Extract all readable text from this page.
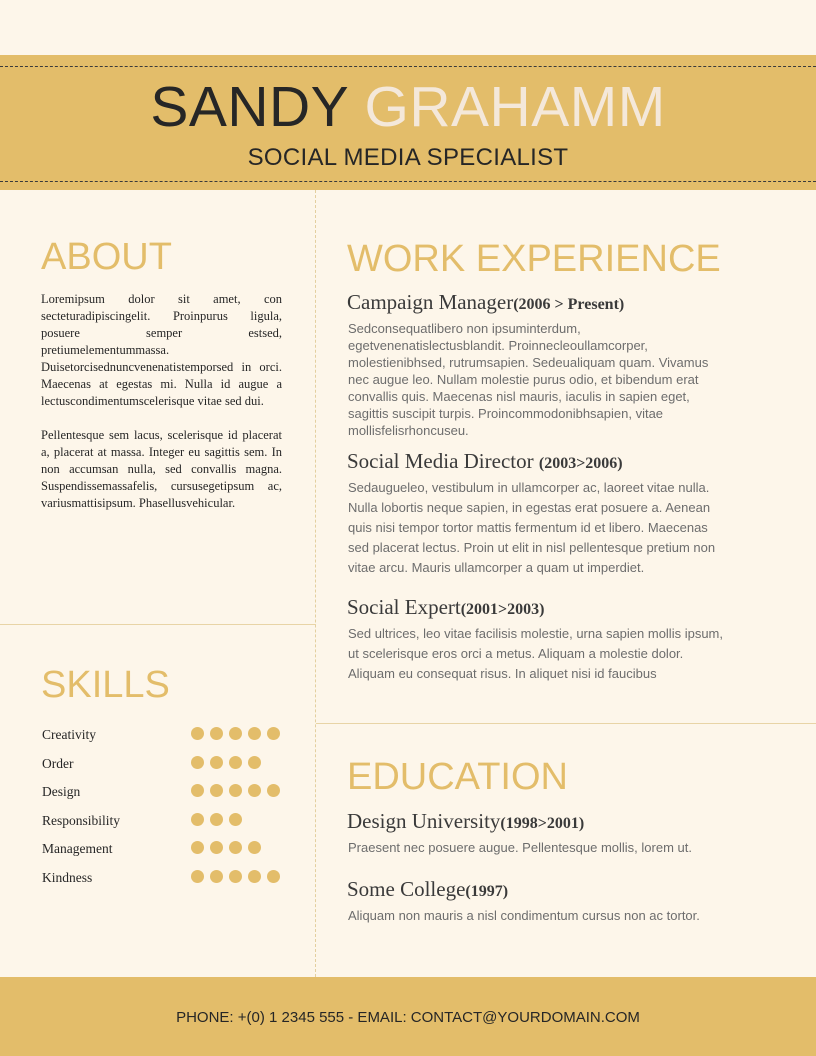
SANDY GRAHAMM
SOCIAL MEDIA SPECIALIST
ABOUT

Loremipsum dolor sit amet, con secteturadipiscingelit. Proinpurus ligula, posuere semper estsed, pretiumelementummassa. Duisetorcisednuncvenenatistemporsed in orci. Maecenas at egestas mi. Nulla id augue a lectuscondimentumscelerisque vitae sed dui.

Pellentesque sem lacus, scelerisque id placerat a, placerat at massa. Integer eu sagittis sem. In non accumsan nulla, sed convallis magna. Suspendissemassafelis, cursusegetipsum ac, variusmattisipsum. Phasellusvehicular.

SKILLS
Creativity
Order
Design
Responsibility
Management
Kindness
WORK EXPERIENCE
Campaign Manager(2006 > Present)
Sedconsequatlibero non ipsuminterdum,
egetvenenatislectusblandit. Proinnecleoullamcorper,
molestienibhsed, rutrumsapien. Sedeualiquam quam. Vivamus
nec augue leo. Nullam molestie purus odio, et bibendum erat
convallis quis. Maecenas nisl mauris, iaculis in sapien eget,
sagittis suscipit turpis. Proincommodonibhsapien, vitae
mollisfelisrhoncuseu.
Social Media Director (2003>2006)
Sedaugueleo, vestibulum in ullamcorper ac, laoreet vitae nulla.
Nulla lobortis neque sapien, in egestas erat posuere a. Aenean
quis nisi tempor tortor mattis fermentum id et libero. Maecenas
sed placerat lectus. Proin ut elit in nisl pellentesque pretium non
vitae arcu. Mauris ullamcorper a quam ut imperdiet.
Social Expert(2001>2003)
Sed ultrices, leo vitae facilisis molestie, urna sapien mollis ipsum,
ut scelerisque eros orci a metus. Aliquam a molestie dolor.
Aliquam eu consequat risus. In aliquet nisi id faucibus
EDUCATION
Design University(1998>2001)
Praesent nec posuere augue. Pellentesque mollis, lorem ut.
Some College(1997)
Aliquam non mauris a nisl condimentum cursus non ac tortor.
PHONE: +(0) 1 2345 555 - EMAIL: CONTACT@YOURDOMAIN.COM
